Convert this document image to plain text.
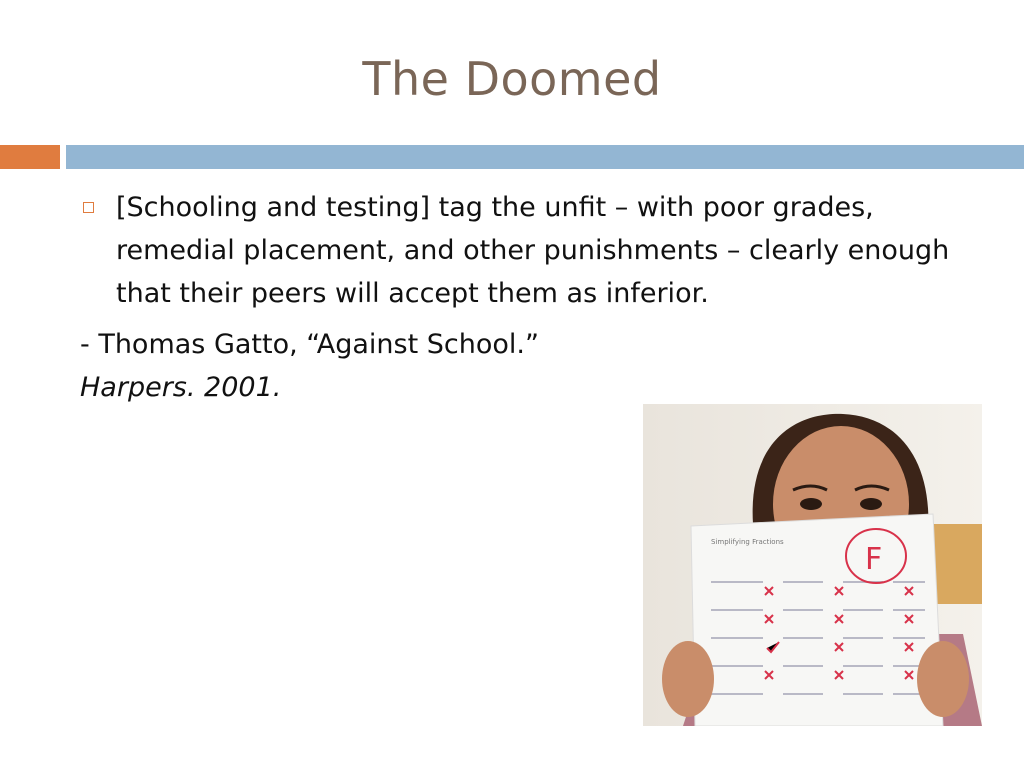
The Doomed
[Schooling and testing] tag the unfit – with poor grades, remedial placement, and other punishments – clearly enough that their peers will accept them as inferior.
- Thomas Gatto, “Against School.”
Harpers. 2001.
Simplifying Fractions	F
